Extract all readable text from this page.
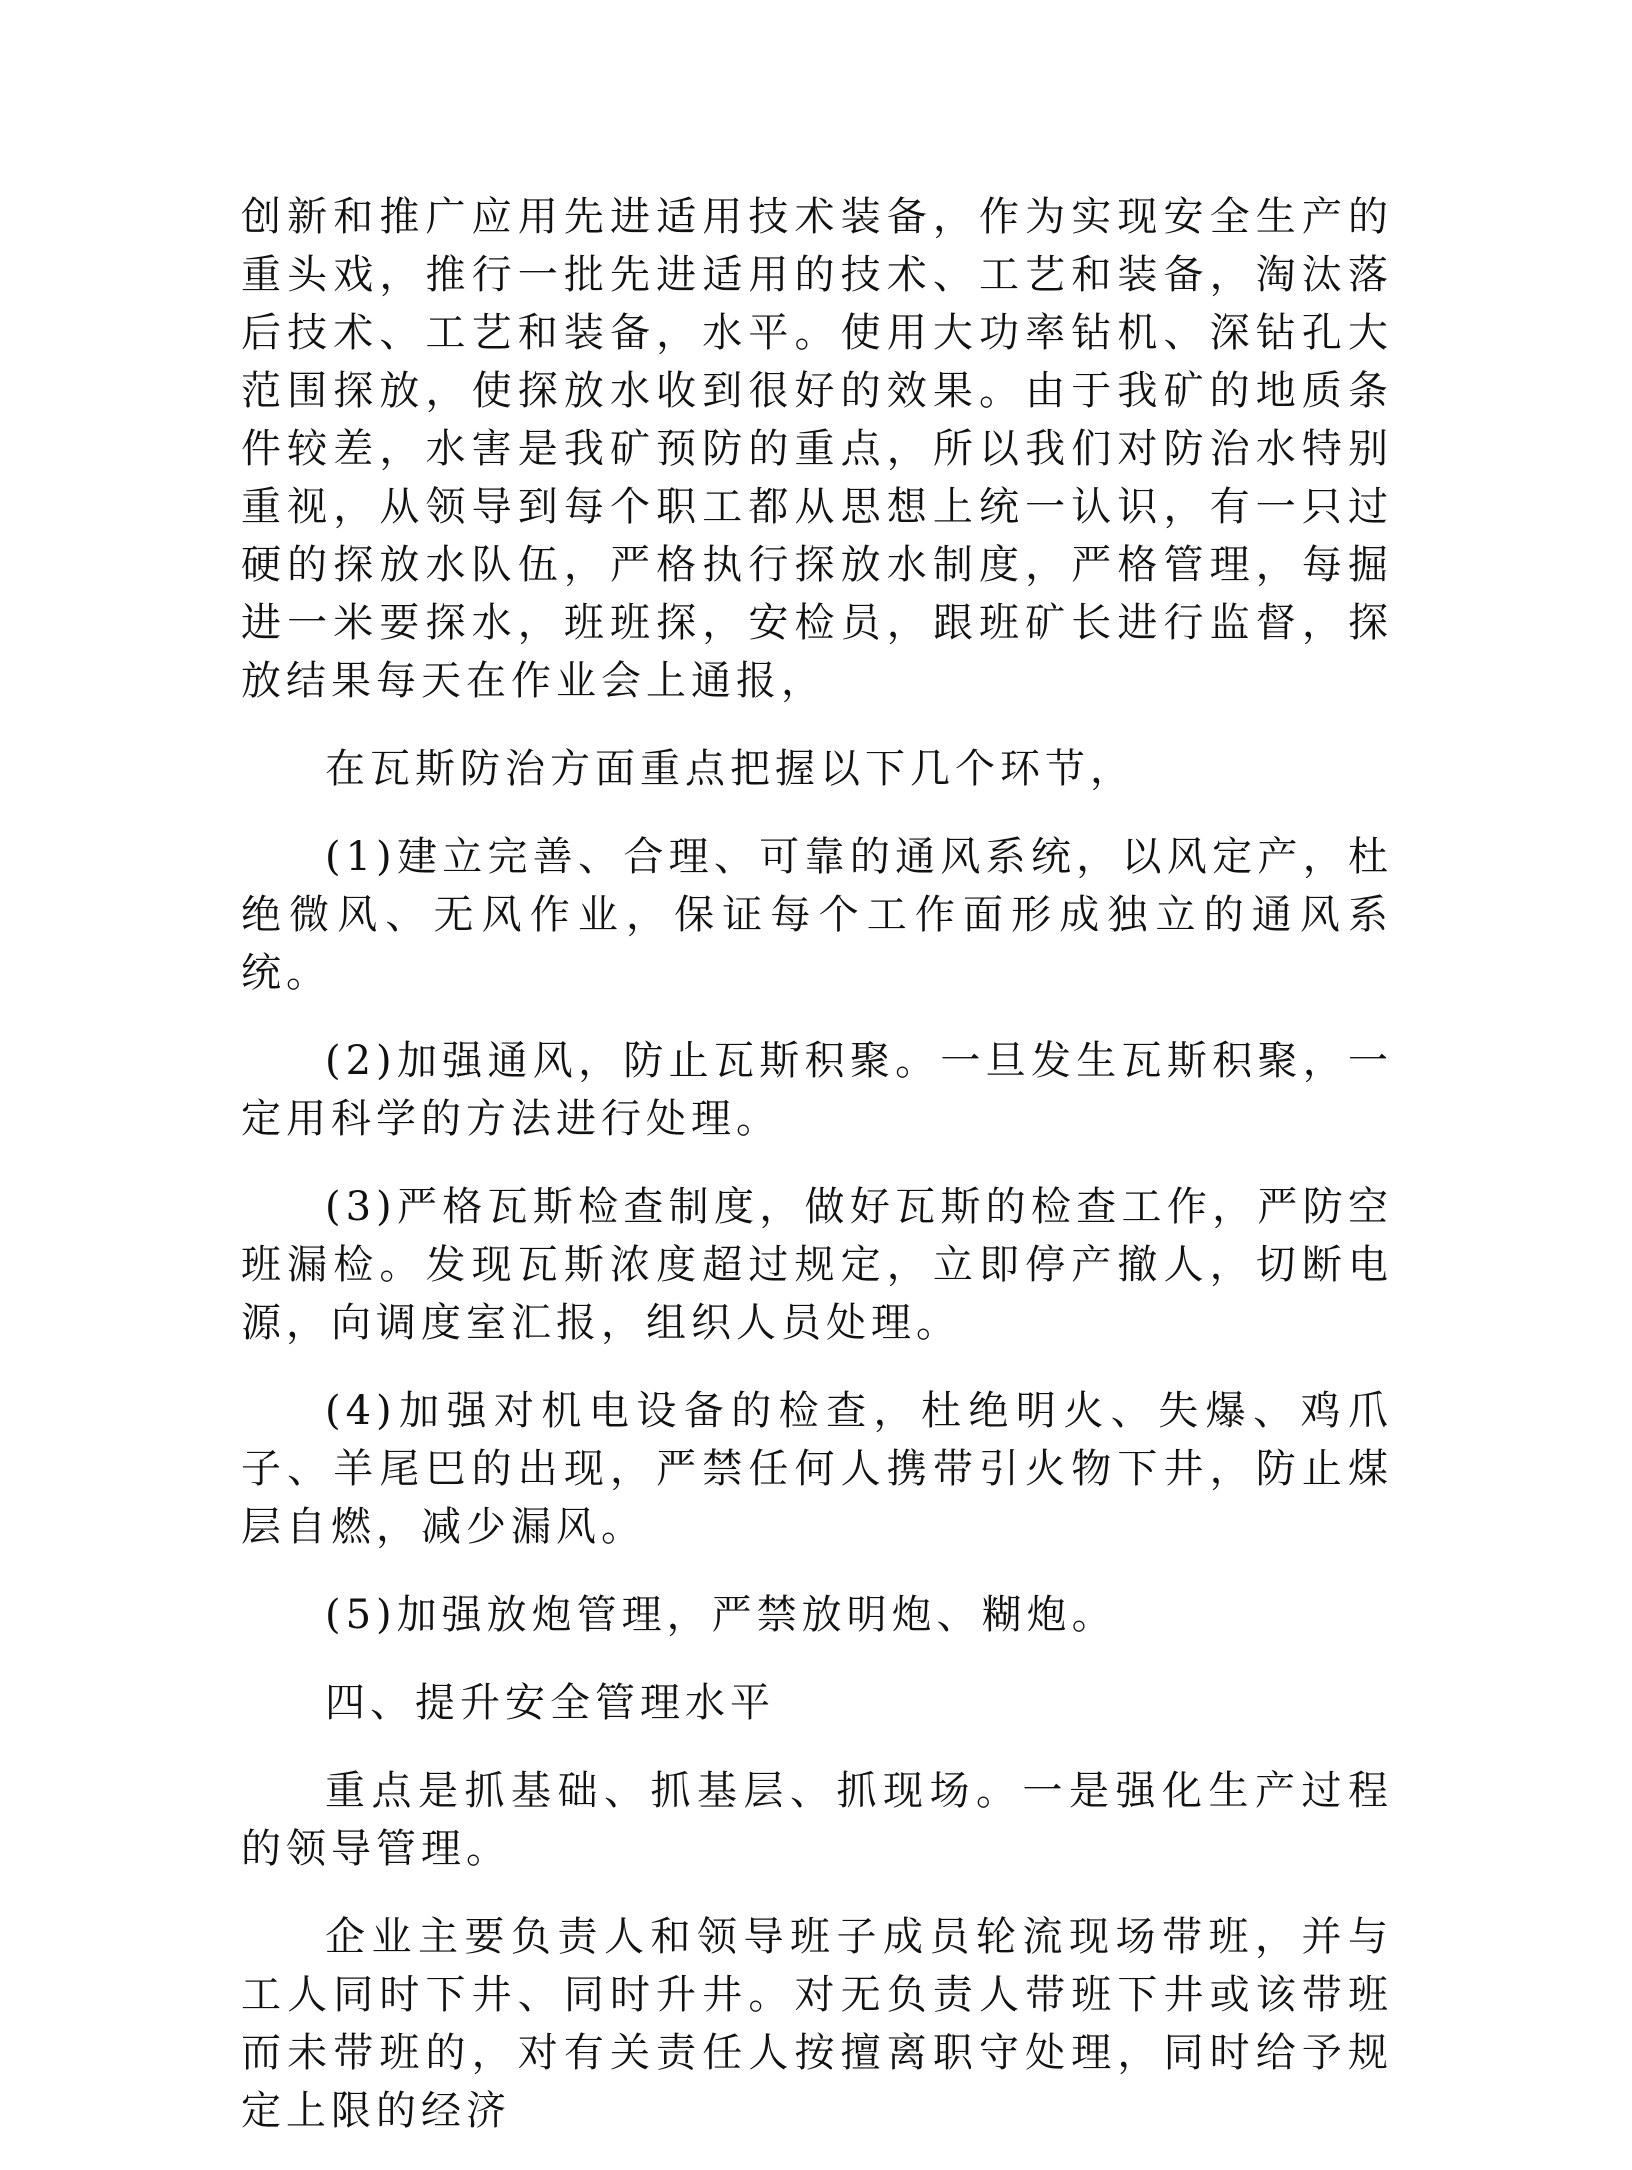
创新和推广应用先进适用技术装备，作为实现安全生产的重头戏，推行一批先进适用的技术、工艺和装备，淘汰落后技术、工艺和装备，水平。使用大功率钻机、深钻孔大范围探放，使探放水收到很好的效果。由于我矿的地质条件较差，水害是我矿预防的重点，所以我们对防治水特别重视，从领导到每个职工都从思想上统一认识，有一只过硬的探放水队伍，严格执行探放水制度，严格管理，每掘进一米要探水，班班探，安检员，跟班矿长进行监督，探放结果每天在作业会上通报，

在瓦斯防治方面重点把握以下几个环节，

(1)建立完善、合理、可靠的通风系统，以风定产，杜绝微风、无风作业，保证每个工作面形成独立的通风系统。

(2)加强通风，防止瓦斯积聚。一旦发生瓦斯积聚，一定用科学的方法进行处理。

(3)严格瓦斯检查制度，做好瓦斯的检查工作，严防空班漏检。发现瓦斯浓度超过规定，立即停产撤人，切断电源，向调度室汇报，组织人员处理。

(4)加强对机电设备的检查，杜绝明火、失爆、鸡爪子、羊尾巴的出现，严禁任何人携带引火物下井，防止煤层自燃，减少漏风。

(5)加强放炮管理，严禁放明炮、糊炮。

四、提升安全管理水平

重点是抓基础、抓基层、抓现场。一是强化生产过程的领导管理。

企业主要负责人和领导班子成员轮流现场带班，并与工人同时下井、同时升井。对无负责人带班下井或该带班而未带班的，对有关责任人按擅离职守处理，同时给予规定上限的经济
